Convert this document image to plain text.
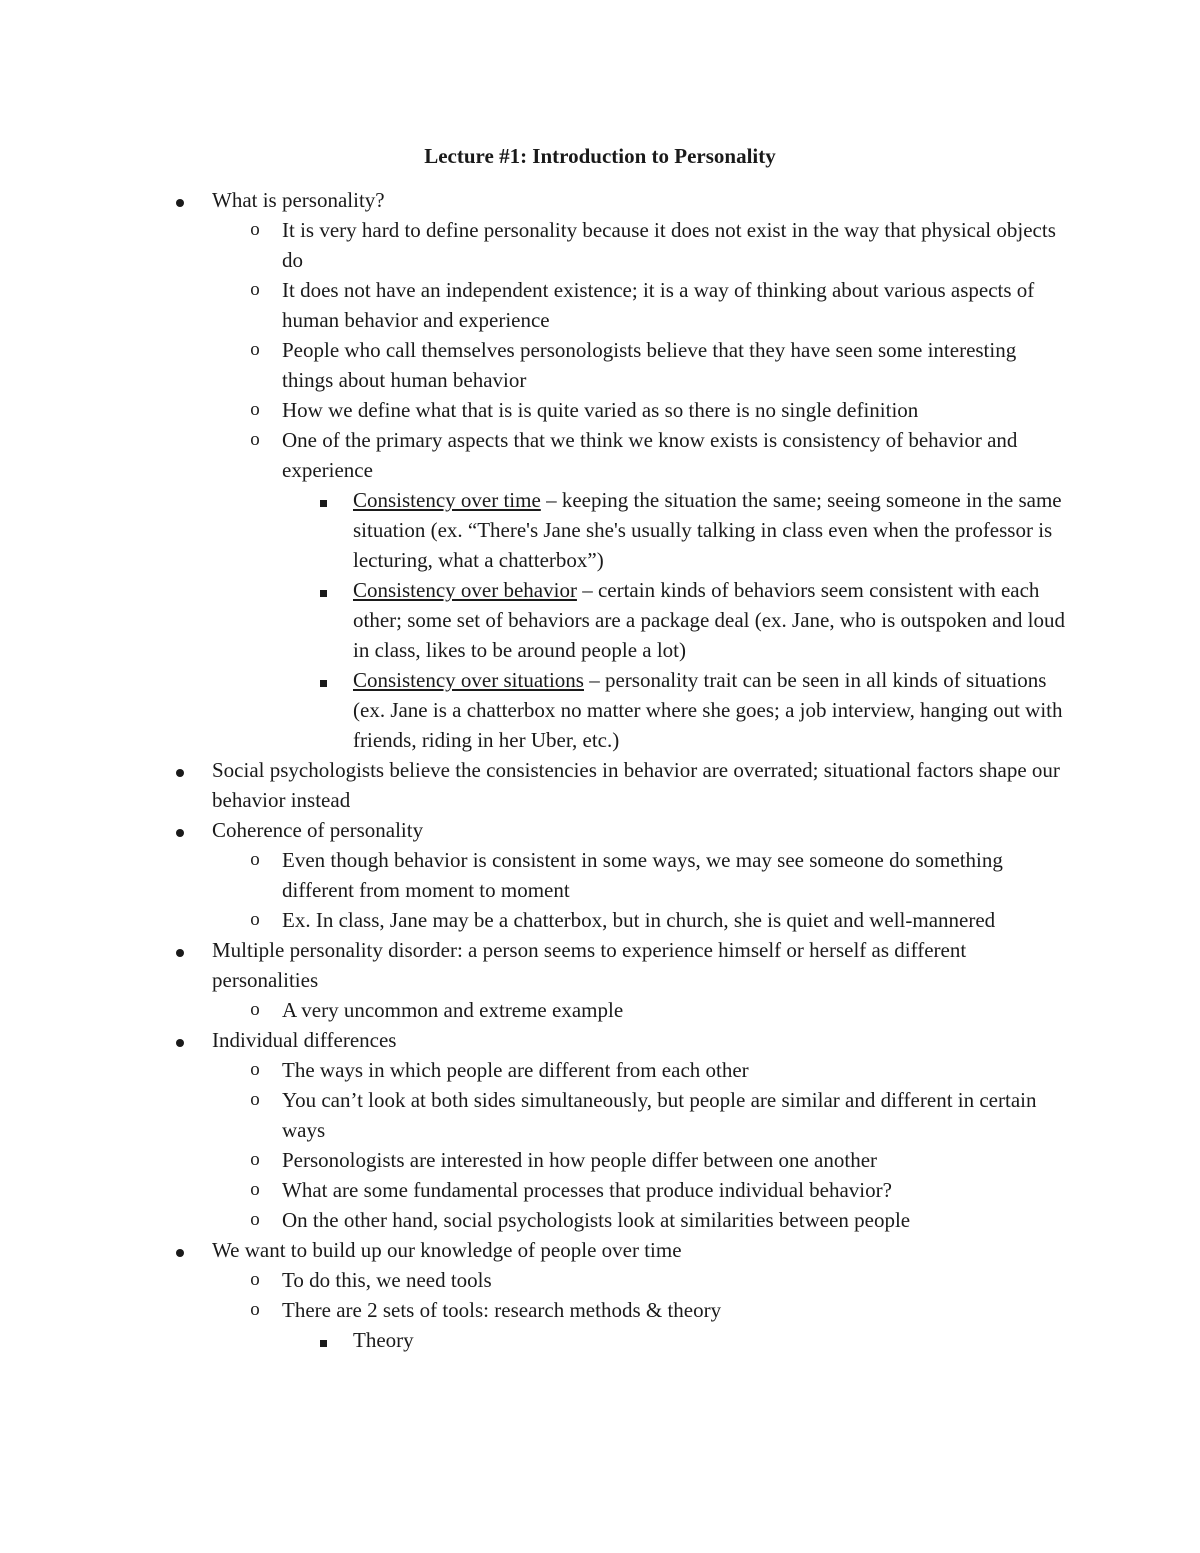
Lecture #1: Introduction to Personality
What is personality?
o It is very hard to define personality because it does not exist in the way that physical objects do
o It does not have an independent existence; it is a way of thinking about various aspects of human behavior and experience
o People who call themselves personologists believe that they have seen some interesting things about human behavior
o How we define what that is is quite varied as so there is no single definition
o One of the primary aspects that we think we know exists is consistency of behavior and experience
Consistency over time – keeping the situation the same; seeing someone in the same situation (ex. “There's Jane she's usually talking in class even when the professor is lecturing, what a chatterbox”)
Consistency over behavior – certain kinds of behaviors seem consistent with each other; some set of behaviors are a package deal (ex. Jane, who is outspoken and loud in class, likes to be around people a lot)
Consistency over situations – personality trait can be seen in all kinds of situations (ex. Jane is a chatterbox no matter where she goes; a job interview, hanging out with friends, riding in her Uber, etc.)
Social psychologists believe the consistencies in behavior are overrated; situational factors shape our behavior instead
Coherence of personality
o Even though behavior is consistent in some ways, we may see someone do something different from moment to moment
o Ex. In class, Jane may be a chatterbox, but in church, she is quiet and well-mannered
Multiple personality disorder: a person seems to experience himself or herself as different personalities
o A very uncommon and extreme example
Individual differences
o The ways in which people are different from each other
o You can’t look at both sides simultaneously, but people are similar and different in certain ways
o Personologists are interested in how people differ between one another
o What are some fundamental processes that produce individual behavior?
o On the other hand, social psychologists look at similarities between people
We want to build up our knowledge of people over time
o To do this, we need tools
o There are 2 sets of tools: research methods & theory
Theory
